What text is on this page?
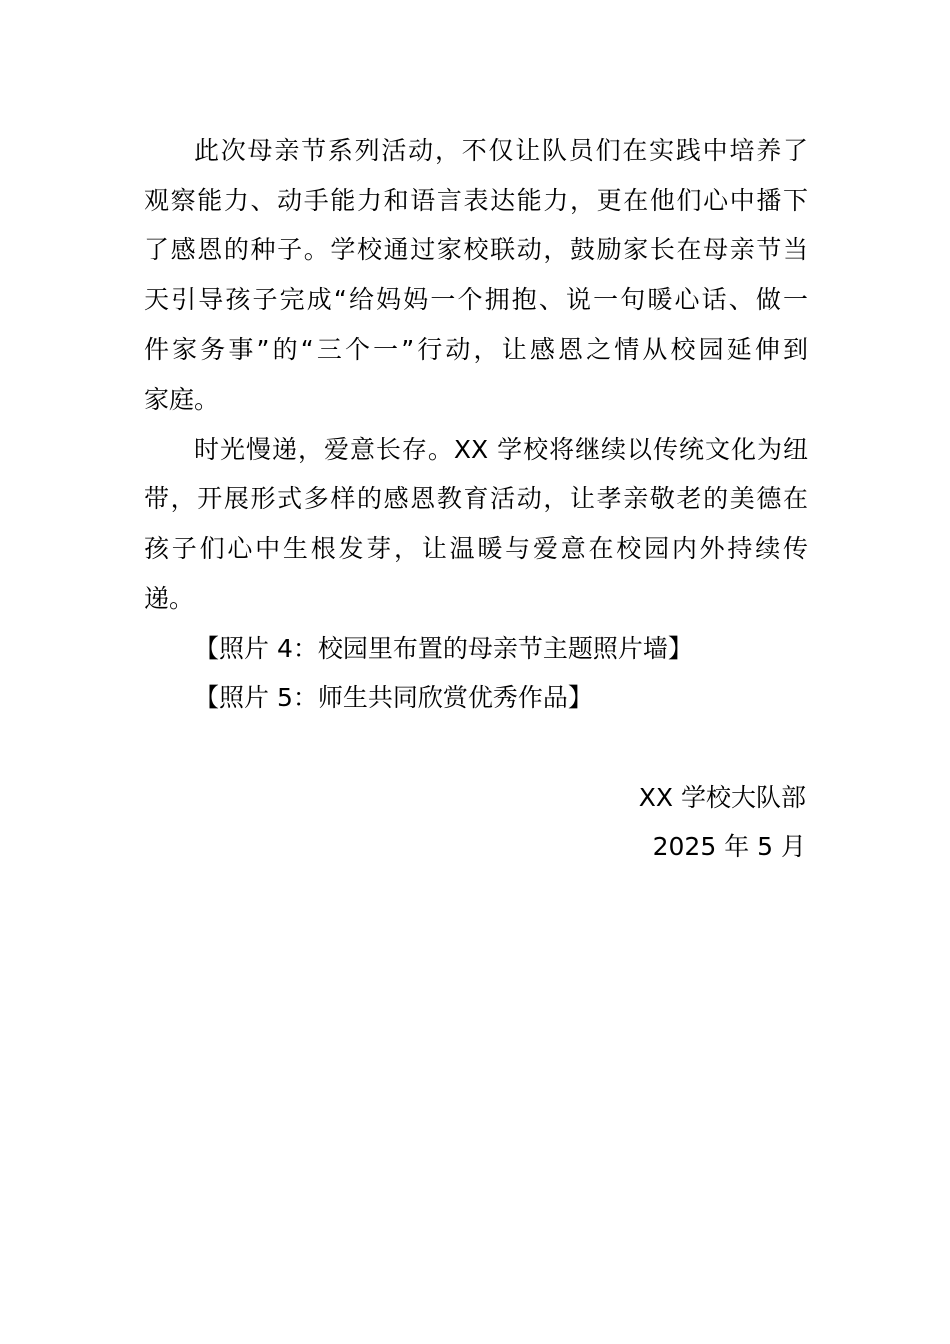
此次母亲节系列活动，不仅让队员们在实践中培养了
观察能力、动手能力和语言表达能力，更在他们心中播下
了感恩的种子。学校通过家校联动，鼓励家长在母亲节当
天引导孩子完成“给妈妈一个拥抱、说一句暖心话、做一
件家务事”的“三个一”行动，让感恩之情从校园延伸到
家庭。
时光慢递，爱意长存。XX 学校将继续以传统文化为纽
带，开展形式多样的感恩教育活动，让孝亲敬老的美德在
孩子们心中生根发芽，让温暖与爱意在校园内外持续传
递。
【照片 4：校园里布置的母亲节主题照片墙】
【照片 5：师生共同欣赏优秀作品】
XX 学校大队部
2025 年 5 月
